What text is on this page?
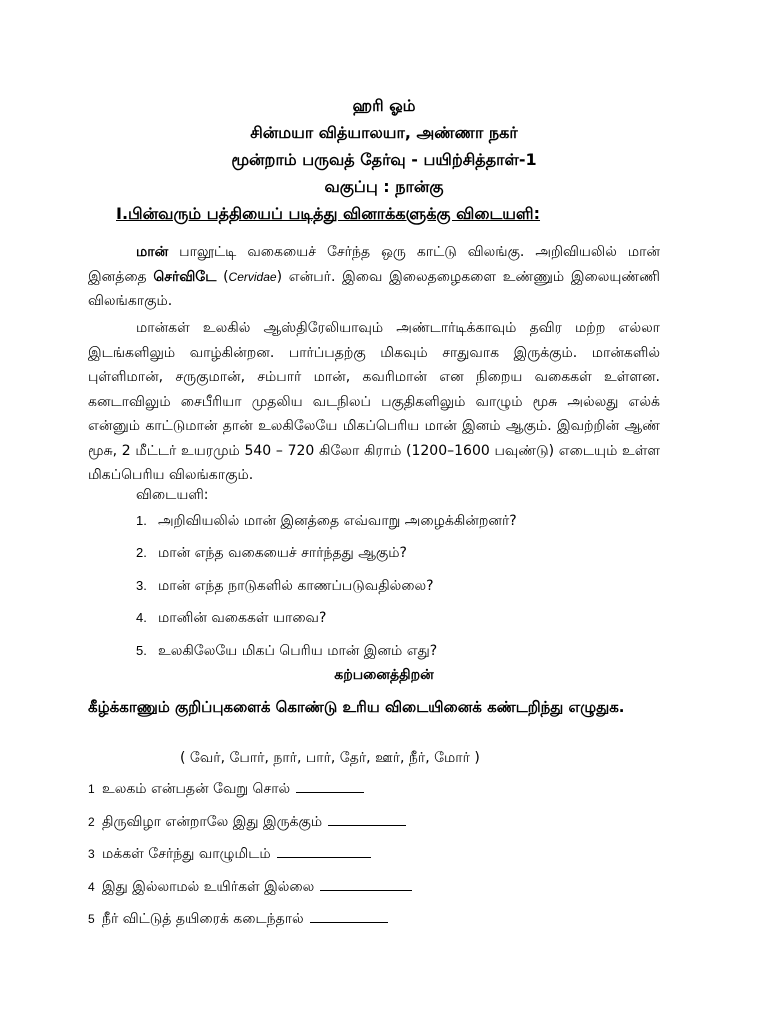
ஹரி ஓம்
சின்மயா வித்யாலயா, அண்ணா நகர்
மூன்றாம் பருவத் தேர்வு - பயிற்சித்தாள்-1
வகுப்பு : நான்கு
I.பின்வரும் பத்தியைப் படித்து வினாக்களுக்கு விடையளி:
மான் பாலூட்டி வகையைச் சேர்ந்த ஒரு காட்டு விலங்கு. அறிவியலில் மான் இனத்தை செர்விடே (Cervidae) என்பர். இவை இலைதழைகளை உண்ணும் இலையுண்ணி விலங்காகும்.
மான்கள் உலகில் ஆஸ்திரேலியாவும் அண்டார்டிக்காவும் தவிர மற்ற எல்லா இடங்களிலும் வாழ்கின்றன. பார்ப்பதற்கு மிகவும் சாதுவாக இருக்கும். மான்களில் புள்ளிமான், சருகுமான், சம்பார் மான், கவரிமான் என நிறைய வகைகள் உள்ளன. கனடாவிலும் சைபீரியா முதலிய வடநிலப் பகுதிகளிலும் வாழும் மூசு அல்லது எல்க் என்னும் காட்டுமான் தான் உலகிலேயே மிகப்பெரிய மான் இனம் ஆகும். இவற்றின் ஆண் மூசு, 2 மீட்டர் உயரமும் 540 – 720 கிலோ கிராம் (1200–1600 பவுண்டு) எடையும் உள்ள மிகப்பெரிய விலங்காகும்.
விடையளி:
1. அறிவியலில் மான் இனத்தை எவ்வாறு அழைக்கின்றனர்?
2. மான் எந்த வகையைச் சார்ந்தது ஆகும்?
3. மான் எந்த நாடுகளில் காணப்படுவதில்லை?
4. மானின் வகைகள் யாவை?
5. உலகிலேயே மிகப் பெரிய மான் இனம் எது?
கற்பனைத்திறன்
கீழ்க்காணும் குறிப்புகளைக் கொண்டு உரிய விடையினைக் கண்டறிந்து எழுதுக.
( வேர், போர், நார், பார், தேர், ஊர், நீர், மோர் )
1 உலகம் என்பதன் வேறு சொல்
2 திருவிழா என்றாலே இது இருக்கும்
3 மக்கள் சேர்ந்து வாழுமிடம்
4 இது இல்லாமல் உயிர்கள் இல்லை
5 நீர் விட்டுத் தயிரைக் கடைந்தால்
